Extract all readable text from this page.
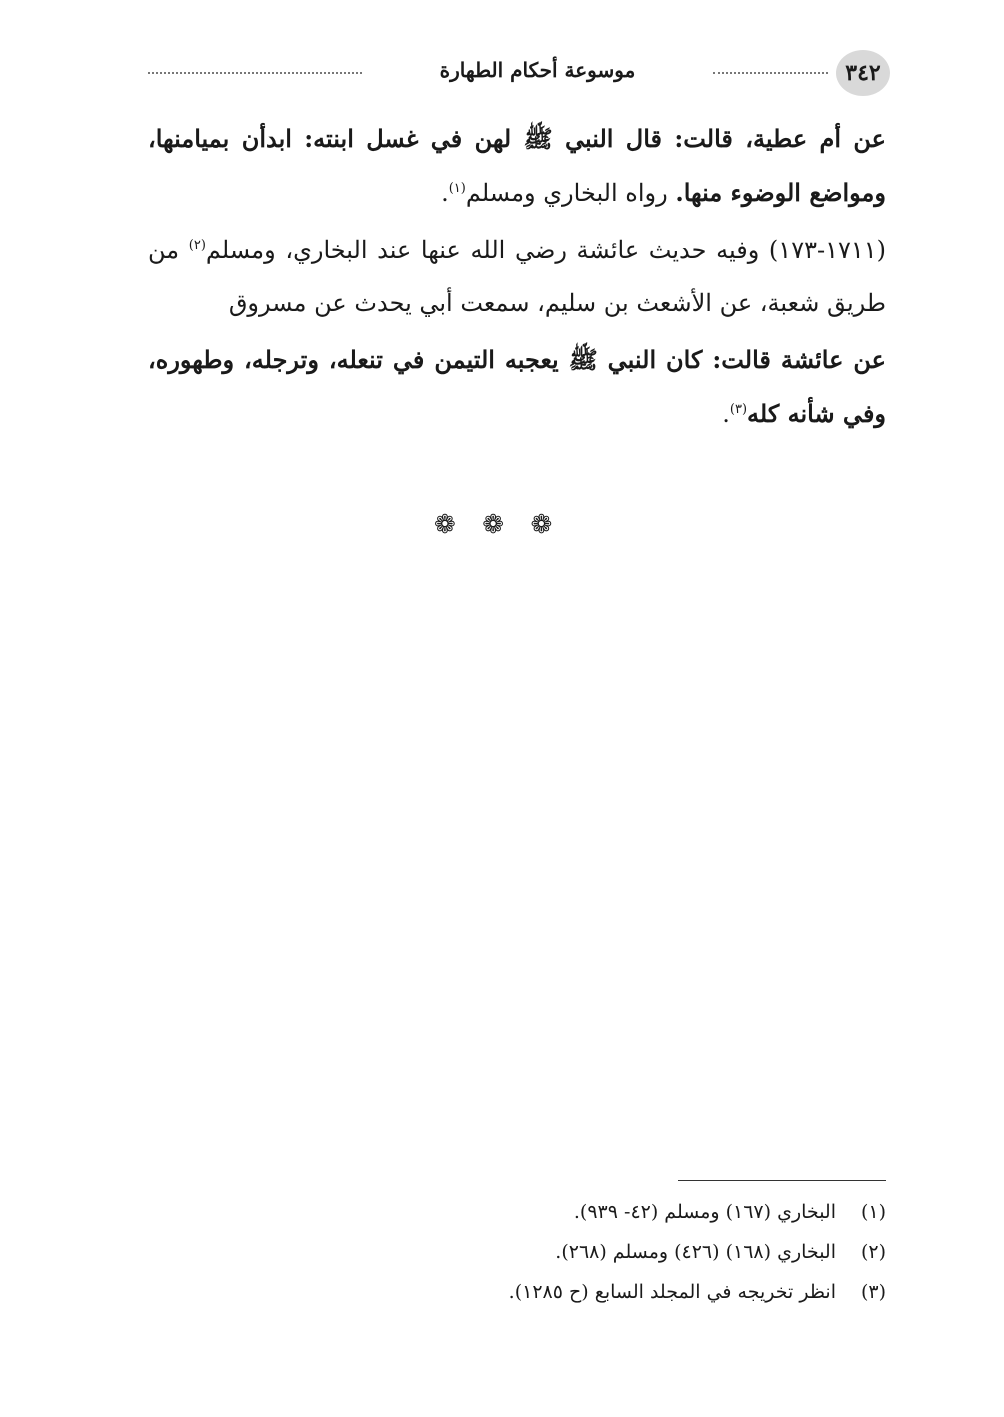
٣٤٢
موسوعة أحكام الطهارة
عن أم عطية، قالت: قال النبي ﷺ لهن في غسل ابنته: ابدأن بميامنها، ومواضع الوضوء منها. رواه البخاري ومسلم$^{(١)}$.
(١٧١١-١٧٣) وفيه حديث عائشة رضي الله عنها عند البخاري، ومسلم$^{(٢)}$ من طريق شعبة، عن الأشعث بن سليم، سمعت أبي يحدث عن مسروق
عن عائشة قالت: كان النبي ﷺ يعجبه التيمن في تنعله، وترجله، وطهوره، وفي شأنه كله$^{(٣)}$.
❁ ❁ ❁
(١)البخاري (١٦٧) ومسلم (٤٢- ٩٣٩).
(٢)البخاري (١٦٨) (٤٢٦) ومسلم (٢٦٨).
(٣)انظر تخريجه في المجلد السابع (ح ١٢٨٥).
